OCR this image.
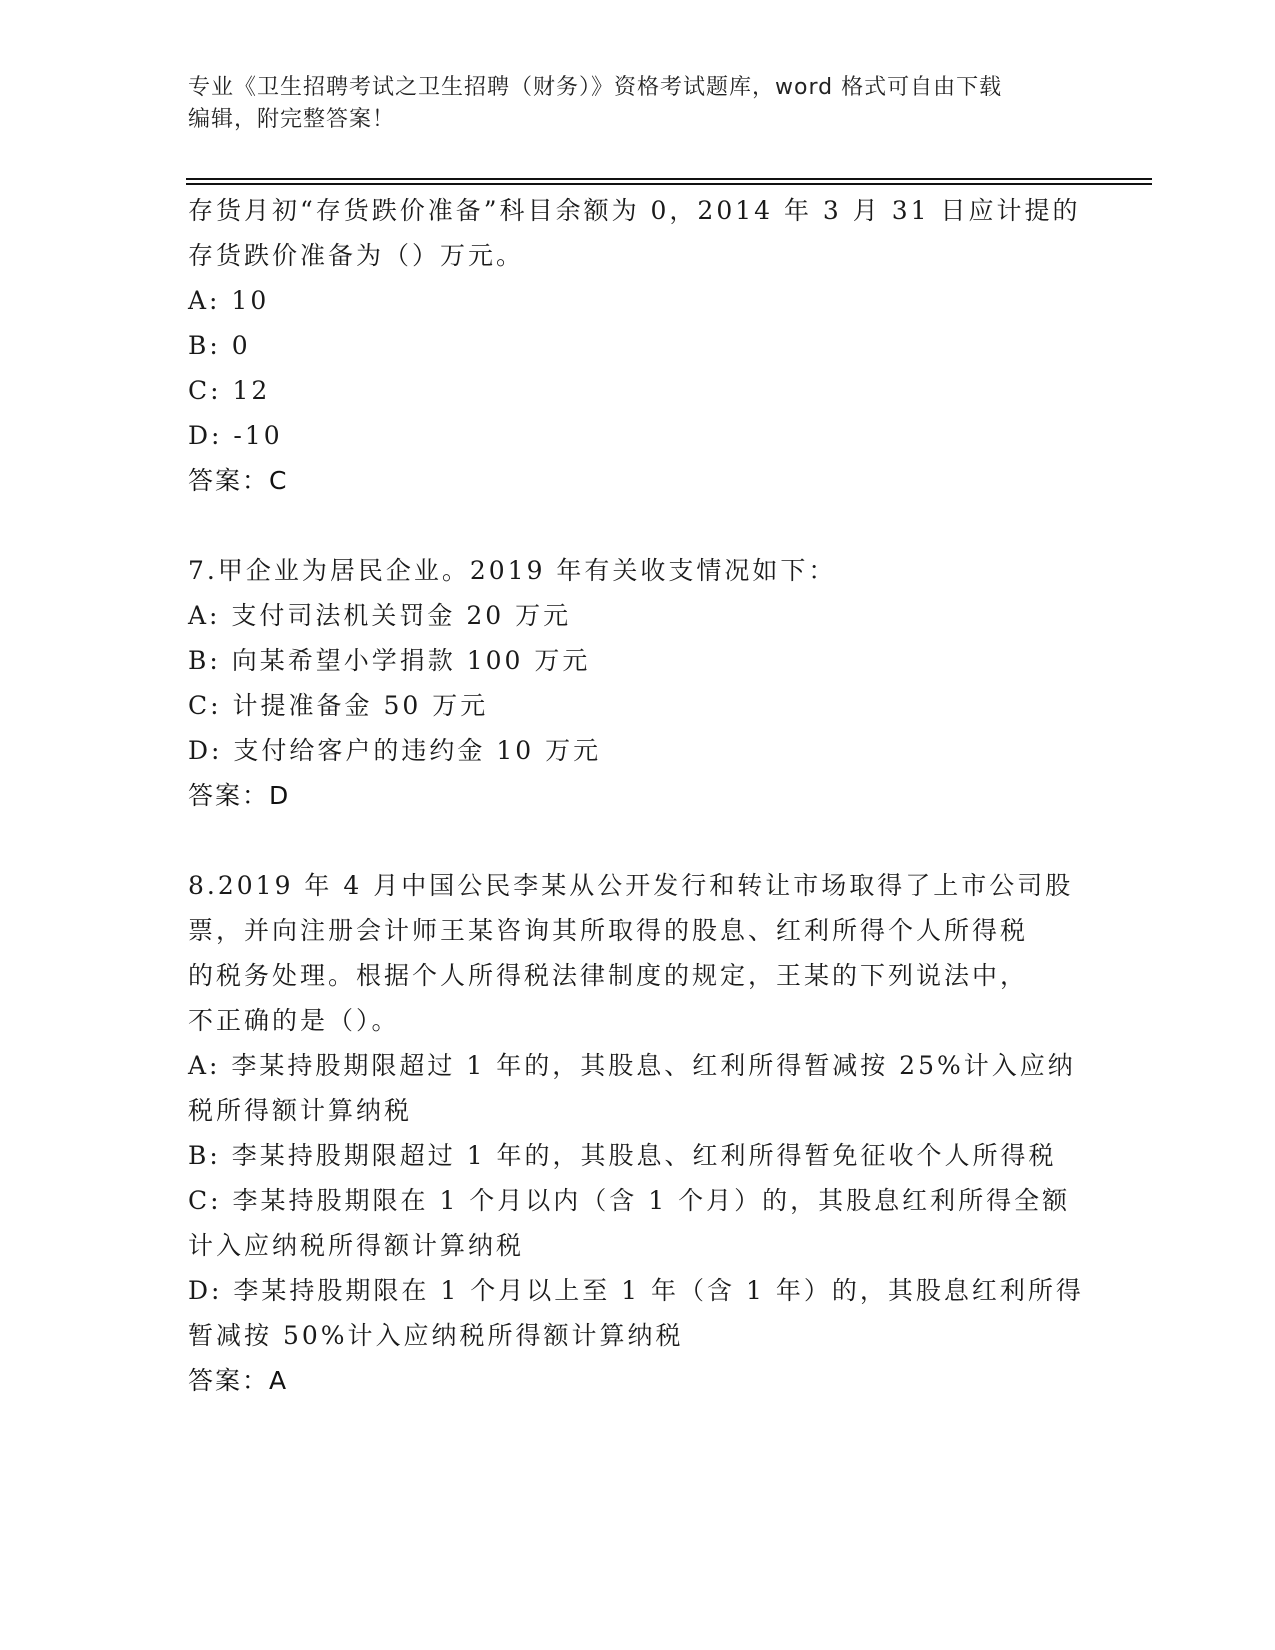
专业《卫生招聘考试之卫生招聘（财务）》资格考试题库，word 格式可自由下载
编辑，附完整答案！
存货月初“存货跌价准备”科目余额为 0，2014 年 3 月 31 日应计提的
存货跌价准备为（）万元。
A: 10
B: 0
C: 12
D: -10
答案：C
7.甲企业为居民企业。2019 年有关收支情况如下：
A: 支付司法机关罚金 20 万元
B: 向某希望小学捐款 100 万元
C: 计提准备金 50 万元
D: 支付给客户的违约金 10 万元
答案：D
8.2019 年 4 月中国公民李某从公开发行和转让市场取得了上市公司股
票，并向注册会计师王某咨询其所取得的股息、红利所得个人所得税
的税务处理。根据个人所得税法律制度的规定，王某的下列说法中，
不正确的是（）。
A: 李某持股期限超过 1 年的，其股息、红利所得暂减按 25%计入应纳
税所得额计算纳税
B: 李某持股期限超过 1 年的，其股息、红利所得暂免征收个人所得税
C: 李某持股期限在 1 个月以内（含 1 个月）的，其股息红利所得全额
计入应纳税所得额计算纳税
D: 李某持股期限在 1 个月以上至 1 年（含 1 年）的，其股息红利所得
暂减按 50%计入应纳税所得额计算纳税
答案：A
